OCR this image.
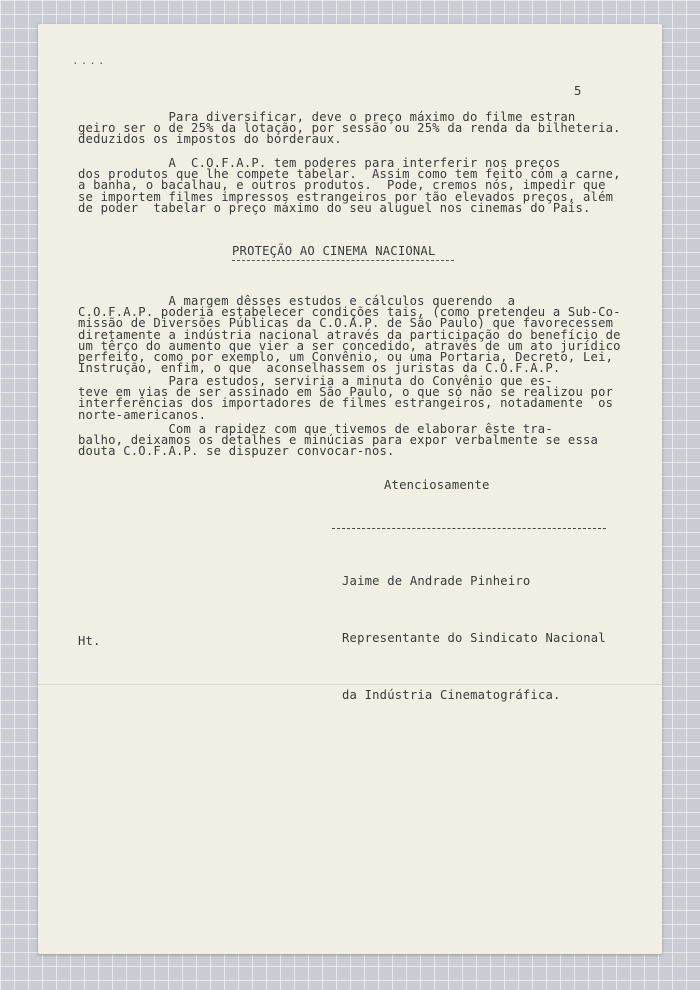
····
5
Para diversificar, deve o preço máximo do filme estran
geiro ser o de 25% da lotação, por sessão ou 25% da renda da bilheteria.
deduzidos os impostos do borderaux.
A  C.O.F.A.P. tem poderes para interferir nos preços
dos produtos que lhe compete tabelar.  Assim como tem feito com a carne,
a banha, o bacalhau, e outros produtos.  Pode, cremos nós, impedir que
se importem filmes impressos estrangeiros por tão elevados preços, além
de poder  tabelar o preço máximo do seu aluguel nos cinemas do País.
PROTEÇÃO AO CINEMA NACIONAL
A margem dêsses estudos e cálculos querendo  a
C.O.F.A.P. poderia estabelecer condições tais, (como pretendeu a Sub-Co-
missão de Diversões Públicas da C.O.A.P. de São Paulo) que favorecessem
diretamente a indústria nacional através da participação do benefício de
um têrço do aumento que vier a ser concedido, através de um ato jurídico
perfeito, como por exemplo, um Convênio, ou uma Portaria, Decreto, Lei,
Instrução, enfim, o que  aconselhassem os juristas da C.O.F.A.P.
Para estudos, serviria a minuta do Convênio que es-
teve em vias de ser assinado em São Paulo, o que só não se realizou por
interferências dos importadores de filmes estrangeiros, notadamente  os
norte-americanos.
Com a rapidez com que tivemos de elaborar êste tra-
balho, deixamos os detalhes e minúcias para expor verbalmente se essa
douta C.O.F.A.P. se dispuzer convocar-nos.
Atenciosamente

Jaime de Andrade Pinheiro

Representante do Sindicato Nacional

da Indústria Cinematográfica.

Ht.
